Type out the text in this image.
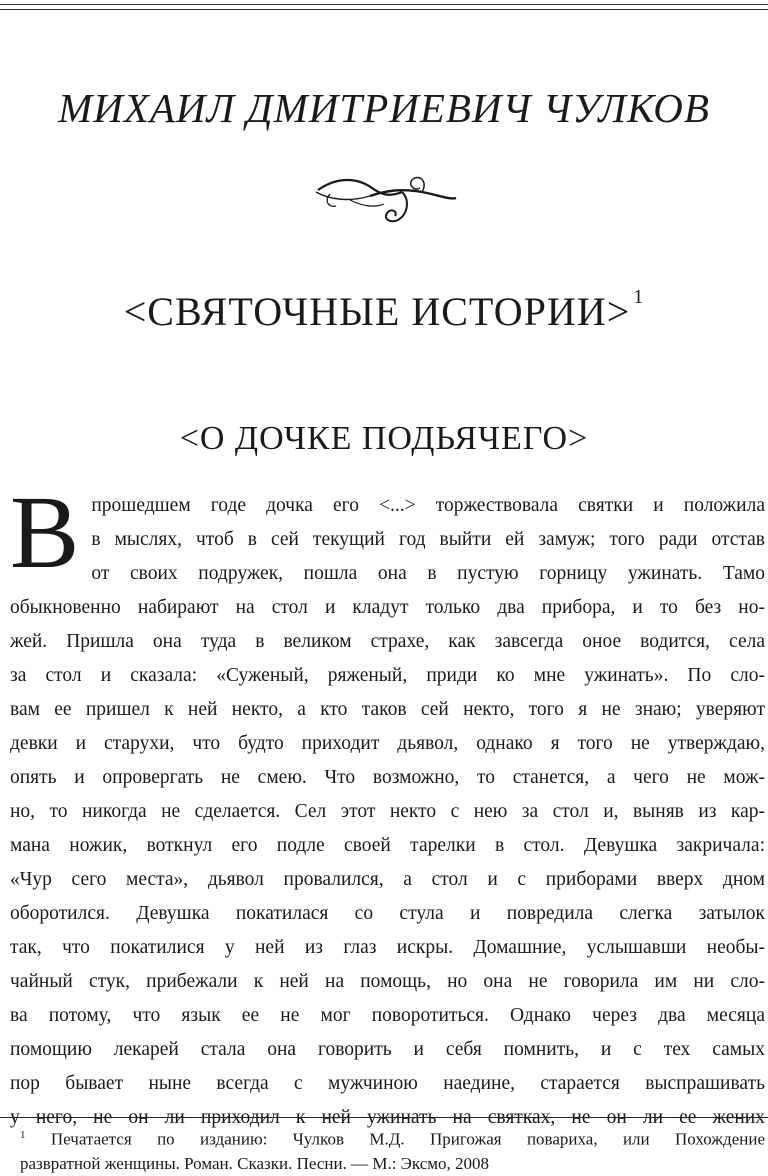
МИХАИЛ ДМИТРИЕВИЧ ЧУЛКОВ
<СВЯТОЧНЫЕ ИСТОРИИ> $^1$
<О ДОЧКЕ ПОДЬЯЧЕГО>
В прошедшем годе дочка его <...> торжествовала святки и положила
в мыслях, чтоб в сей текущий год выйти ей замуж; того ради отстав
от своих подружек, пошла она в пустую горницу ужинать. Тамо
обыкновенно набирают на стол и кладут только два прибора, и то без но-
жей. Пришла она туда в великом страхе, как завсегда оное водится, села
за стол и сказала: «Суженый, ряженый, приди ко мне ужинать». По сло-
вам ее пришел к ней некто, а кто таков сей некто, того я не знаю; уверяют
девки и старухи, что будто приходит дьявол, однако я того не утверждаю,
опять и опровергать не смею. Что возможно, то станется, а чего не мож-
но, то никогда не сделается. Сел этот некто с нею за стол и, выняв из кар-
мана ножик, воткнул его подле своей тарелки в стол. Девушка закричала:
«Чур сего места», дьявол провалился, а стол и с приборами вверх дном
оборотился. Девушка покатилася со стула и повредила слегка затылок
так, что покатилися у ней из глаз искры. Домашние, услышавши необы-
чайный стук, прибежали к ней на помощь, но она не говорила им ни сло-
ва потому, что язык ее не мог поворотиться. Однако через два месяца
помощию лекарей стала она говорить и себя помнить, и с тех самых
пор бывает ныне всегда с мужчиною наедине, старается выспрашивать
у него, не он ли приходил к ней ужинать на святках, не он ли ее жених
$^1$ Печатается по изданию: Чулков М.Д. Пригожая повариха, или Похождение
развратной женщины. Роман. Сказки. Песни. — М.: Эксмо, 2008
